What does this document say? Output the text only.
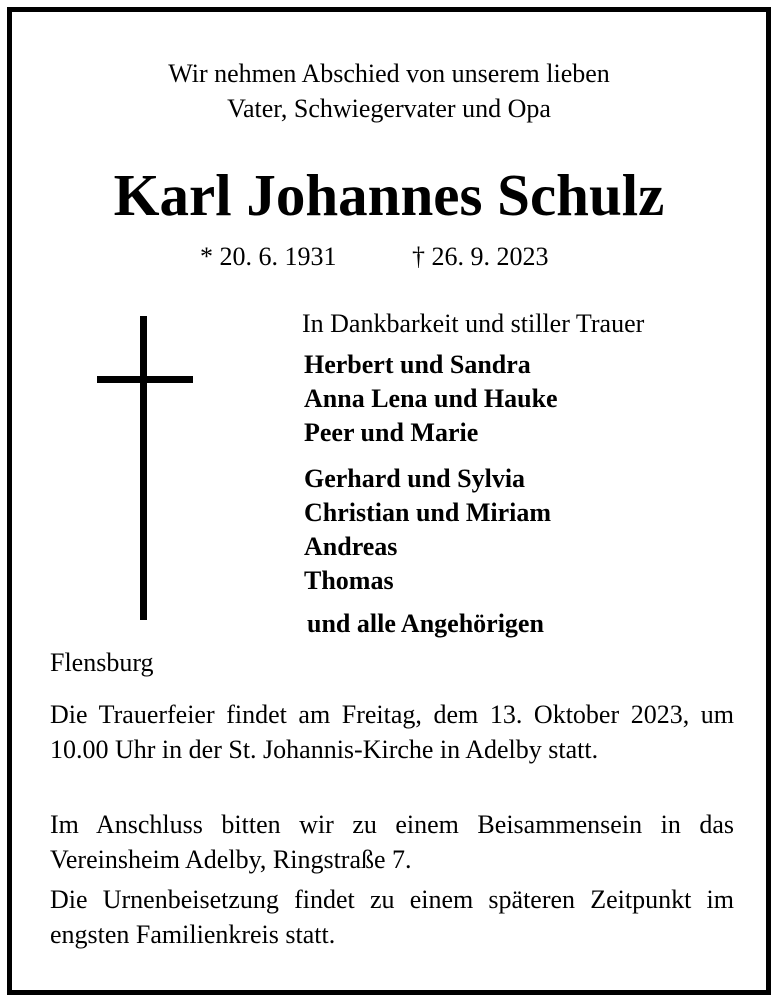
Wir nehmen Abschied von unserem lieben
Vater, Schwiegervater und Opa
Karl Johannes Schulz
* 20. 6. 1931	† 26. 9. 2023
In Dankbarkeit und stiller Trauer
Herbert und Sandra
Anna Lena und Hauke
Peer und Marie
Gerhard und Sylvia
Christian und Miriam
Andreas
Thomas
und alle Angehörigen
Flensburg
Die Trauerfeier findet am Freitag, dem 13. Oktober 2023, um 10.00 Uhr in der St. Johannis-Kirche in Adelby statt.
Im Anschluss bitten wir zu einem Beisammensein in das Vereinsheim Adelby, Ringstraße 7.
Die Urnenbeisetzung findet zu einem späteren Zeitpunkt im engsten Familienkreis statt.
